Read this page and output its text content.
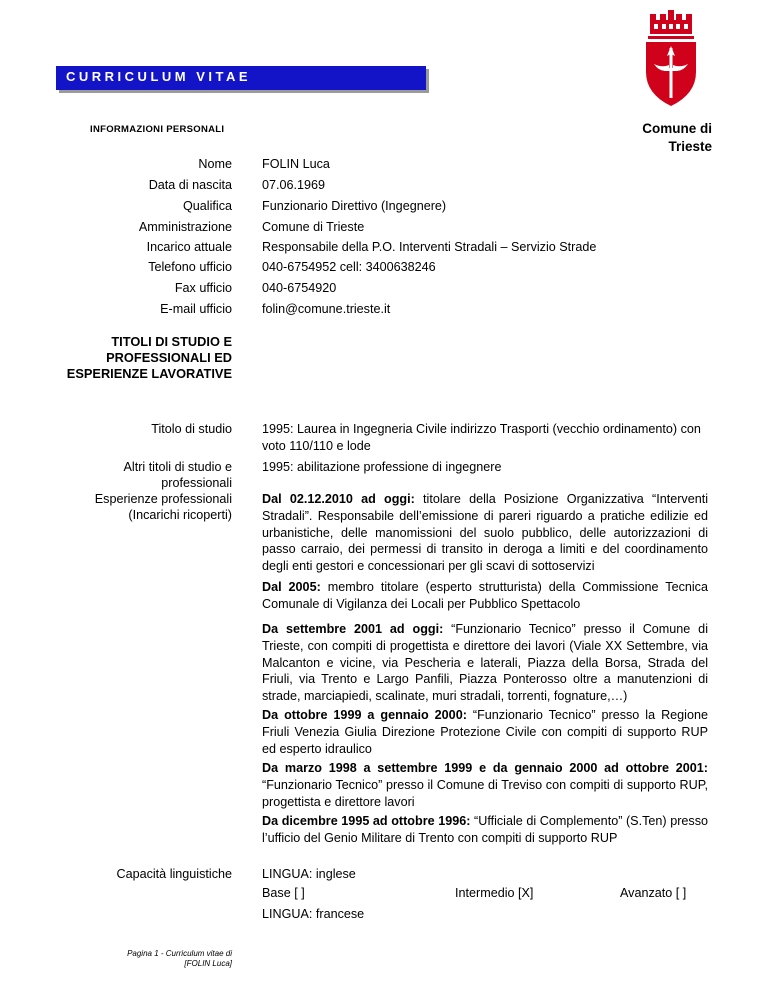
CURRICULUM VITAE
Comune di
Trieste
INFORMAZIONI PERSONALI
Nome FOLIN Luca
Data di nascita 07.06.1969
Qualifica Funzionario Direttivo (Ingegnere)
Amministrazione Comune di Trieste
Incarico attuale Responsabile della P.O. Interventi Stradali – Servizio Strade
Telefono ufficio 040-6754952 cell: 3400638246
Fax ufficio 040-6754920
E-mail ufficio folin@comune.trieste.it
TITOLI DI STUDIO E
PROFESSIONALI ED
ESPERIENZE LAVORATIVE
Titolo di studio 1995: Laurea in Ingegneria Civile indirizzo Trasporti (vecchio ordinamento) con voto 110/110 e lode
Altri titoli di studio e
professionali
1995: abilitazione professione di ingegnere
Esperienze professionali
(Incarichi ricoperti)
Dal 02.12.2010 ad oggi: titolare della Posizione Organizzativa “Interventi Stradali”. Responsabile dell’emissione di pareri riguardo a pratiche edilizie ed urbanistiche, delle manomissioni del suolo pubblico, delle autorizzazioni di passo carraio, dei permessi di transito in deroga a limiti e del coordinamento degli enti gestori e concessionari per gli scavi di sottoservizi
Dal 2005: membro titolare (esperto strutturista) della Commissione Tecnica Comunale di Vigilanza dei Locali per Pubblico Spettacolo
Da settembre 2001 ad oggi: “Funzionario Tecnico” presso il Comune di Trieste, con compiti di progettista e direttore dei lavori (Viale XX Settembre, via Malcanton e vicine, via Pescheria e laterali, Piazza della Borsa, Strada del Friuli, via Trento e Largo Panfili, Piazza Ponterosso oltre a manutenzioni di strade, marciapiedi, scalinate, muri stradali, torrenti, fognature,…)
Da ottobre 1999 a gennaio 2000: “Funzionario Tecnico” presso la Regione Friuli Venezia Giulia Direzione Protezione Civile con compiti di supporto RUP ed esperto idraulico
Da marzo 1998 a settembre 1999 e da gennaio 2000 ad ottobre 2001: “Funzionario Tecnico” presso il Comune di Treviso con compiti di supporto RUP, progettista e direttore lavori
Da dicembre 1995 ad ottobre 1996: “Ufficiale di Complemento” (S.Ten) presso l’ufficio del Genio Militare di Trento con compiti di supporto RUP
Capacità linguistiche LINGUA: inglese
Base [ ]	Intermedio [X]	Avanzato [ ]
LINGUA: francese
Pagina 1 - Curriculum vitae di
[FOLIN Luca]
